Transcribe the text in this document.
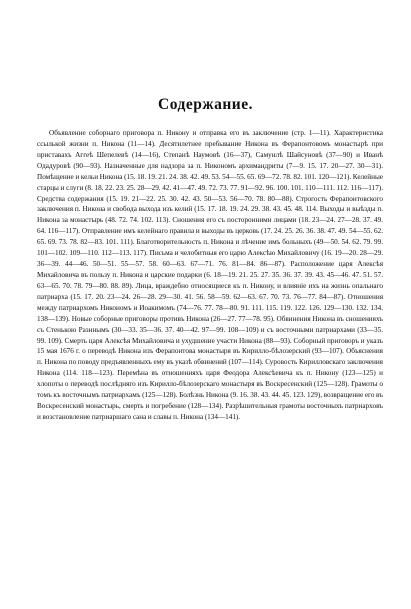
Содержание.

Объявление соборнаго приговора п. Никону и отправка его въ заключение (стр. 1—11). Характеристика ссылькой жизни п. Никона (11—14). Десятилетнее пребывание Никона въ Ферапонтовомъ монастырѣ при приставахъ Аггеѣ Шепелевѣ (14—16), Степанѣ Наумовѣ (16—37), Самуилѣ Шайсуновѣ (37—90) и Иванѣ Одадуровѣ (90—93). Назначенные для надзора за п. Никономъ архимандриты (7—9. 15. 17. 20—27. 30—31). Помѣщение и кельи Никона (15. 18. 19. 21. 24. 38. 42. 49. 53. 54—55. 65. 69—72. 78. 82. 101. 120—121). Келейные старцы и слуги (8. 18. 22. 23. 25. 28—29. 42. 41—47. 49. 72. 73. 77. 91—92. 96. 100. 101. 110—111. 112. 116—117). Средства содержания (15. 19. 21—22. 25. 30. 42. 43. 50—53. 56—70. 78. 80—88). Строгость Ферапонтовского заключения п. Никона и свобода выхода изъ келий (15. 17. 18. 19. 24. 29. 38. 43. 45. 48. 114. Выходы и выѣзды п. Никона за монастырь (48. 72. 74. 102. 113). Сношения его съ посторонними лицами (18. 23—24. 27—28. 37. 49. 64. 116—117). Отправление имъ келейнаго правила и выходы въ церковь (17. 24. 25. 26. 36. 38. 47. 49. 54—55. 62. 65. 69. 73. 78. 82—83. 101. 111). Благотворительность п. Никона и лѣчение имъ больныхъ (49—50. 54. 62. 79. 99. 101—102. 109—110. 112—113. 117). Письма и челобитныя его царю Алексѣю Михайловичу (16. 19—20. 28—29. 36—39. 44—46. 50—51. 55—57. 58. 60—63. 67—71. 76. 81—84. 86—87). Расположение царя Алексѣя Михайловича въ пользу п. Никона и царские подарки (6. 18—19. 21. 25. 27. 35. 36. 37. 39. 43. 45—46. 47. 51. 57. 63—65. 70. 78. 79—80. 88. 89). Лица, враждебно относящиеся къ п. Никону, и влиянie ихъ на жизнь опальнаго патриарха (15. 17. 20. 23—24. 26—28. 29—30. 41. 56. 58—59. 62—63. 67. 70. 73. 76—77. 84—87). Отношения между патриархомъ Никономъ и Иоакимомъ (74—76. 77. 78—80. 91. 111. 115. 119. 122. 126. 129—130. 132. 134. 138—139). Новые соборные приговоры противъ Никона (26—27. 77—78. 95). Обвинения Никона въ сношенияхъ съ Стенькою Разинымъ (30—33. 35—36. 37. 40—42. 97—99. 108—109) и съ восточными патриархами (33—35. 99. 109). Смерть царя Алексѣя Михайловича и ухудшение участи Никона (88—93). Соборный приговоръ и указъ 15 мая 1676 г. о переводѣ Никона изъ Ферапонтова монастыря въ Кирилло-бѣлозерский (93—107). Объяснения п. Никона по поводу предъявленныхъ ему въ указѣ обвинений (107—114). Суровость Кирилловскаго заключения Никона (114. 118—123). Перемѣна въ отношенияхъ царя Феодора Алексѣевича къ п. Никону (123—125) и хлопоты о переводѣ послѣдняго изъ Кирилло-бѣлозерскаго монастыря въ Воскресенский (125—128). Грамоты о томъ къ восточнымъ патриархамъ (125—128). Болѣзнь Никона (9. 16. 38. 43. 44. 45. 123. 129), возвращение его въ Воскресенский монастырь, смерть и погребение (128—134). Разрѣшительныя грамоты восточныхъ патриарховъ и возстановление патриаршаго сана и славы п. Никона (134—141).
